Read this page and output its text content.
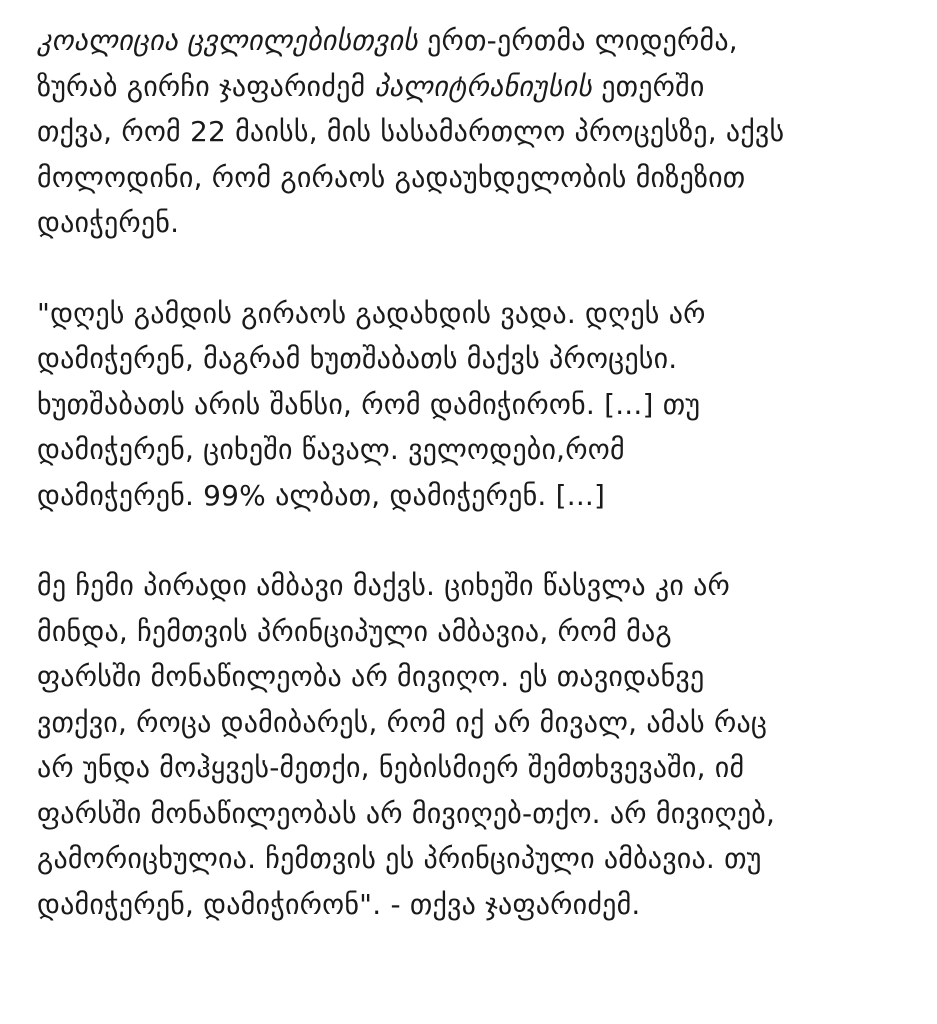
კოალიცია ცვლილებისთვის ერთ-ერთმა ლიდერმა,
ზურაბ გირჩი ჯაფარიძემ პალიტრანიუსის ეთერში
თქვა, რომ 22 მაისს, მის სასამართლო პროცესზე, აქვს
მოლოდინი, რომ გირაოს გადაუხდელობის მიზეზით
დაიჭერენ.

"დღეს გამდის გირაოს გადახდის ვადა. დღეს არ
დამიჭერენ, მაგრამ ხუთშაბათს მაქვს პროცესი.
ხუთშაბათს არის შანსი, რომ დამიჭირონ. [...] თუ
დამიჭერენ, ციხეში წავალ. ველოდები,რომ
დამიჭერენ. 99% ალბათ, დამიჭერენ. [...]

მე ჩემი პირადი ამბავი მაქვს. ციხეში წასვლა კი არ
მინდა, ჩემთვის პრინციპული ამბავია, რომ მაგ
ფარსში მონაწილეობა არ მივიღო. ეს თავიდანვე
ვთქვი, როცა დამიბარეს, რომ იქ არ მივალ, ამას რაც
არ უნდა მოჰყვეს-მეთქი, ნებისმიერ შემთხვევაში, იმ
ფარსში მონაწილეობას არ მივიღებ-თქო. არ მივიღებ,
გამორიცხულია. ჩემთვის ეს პრინციპული ამბავია. თუ
დამიჭერენ, დამიჭირონ". - თქვა ჯაფარიძემ.
